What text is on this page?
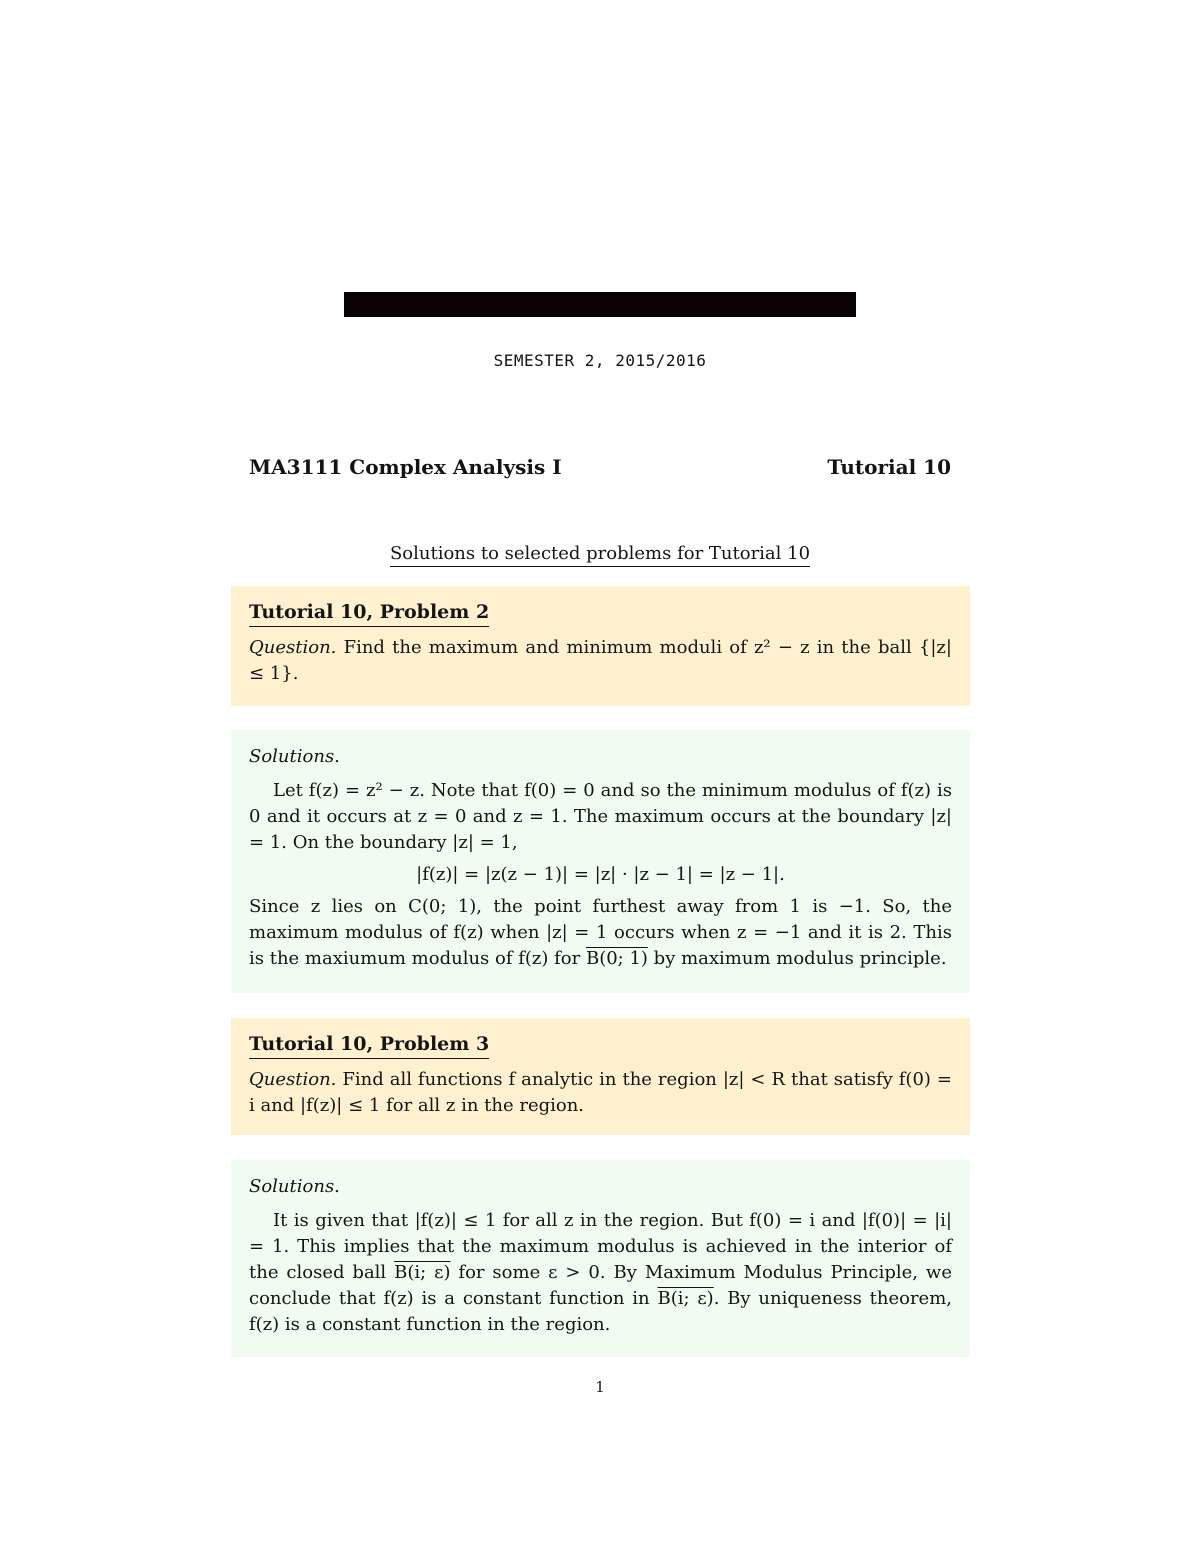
SEMESTER 2, 2015/2016
MA3111 Complex Analysis I	Tutorial 10
Solutions to selected problems for Tutorial 10
Tutorial 10, Problem 2
Question. Find the maximum and minimum moduli of z² − z in the ball {|z| ≤ 1}.
Solutions.
Let f(z) = z² − z. Note that f(0) = 0 and so the minimum modulus of f(z) is 0 and it occurs at z = 0 and z = 1. The maximum occurs at the boundary |z| = 1. On the boundary |z| = 1,
|f(z)| = |z(z − 1)| = |z| · |z − 1| = |z − 1|.
Since z lies on C(0; 1), the point furthest away from 1 is −1. So, the maximum modulus of f(z) when |z| = 1 occurs when z = −1 and it is 2. This is the maxiumum modulus of f(z) for B(0; 1) by maximum modulus principle.
Tutorial 10, Problem 3
Question. Find all functions f analytic in the region |z| < R that satisfy f(0) = i and |f(z)| ≤ 1 for all z in the region.
Solutions.
It is given that |f(z)| ≤ 1 for all z in the region. But f(0) = i and |f(0)| = |i| = 1. This implies that the maximum modulus is achieved in the interior of the closed ball B(i; ε) for some ε > 0. By Maximum Modulus Principle, we conclude that f(z) is a constant function in B(i; ε). By uniqueness theorem, f(z) is a constant function in the region.
1
